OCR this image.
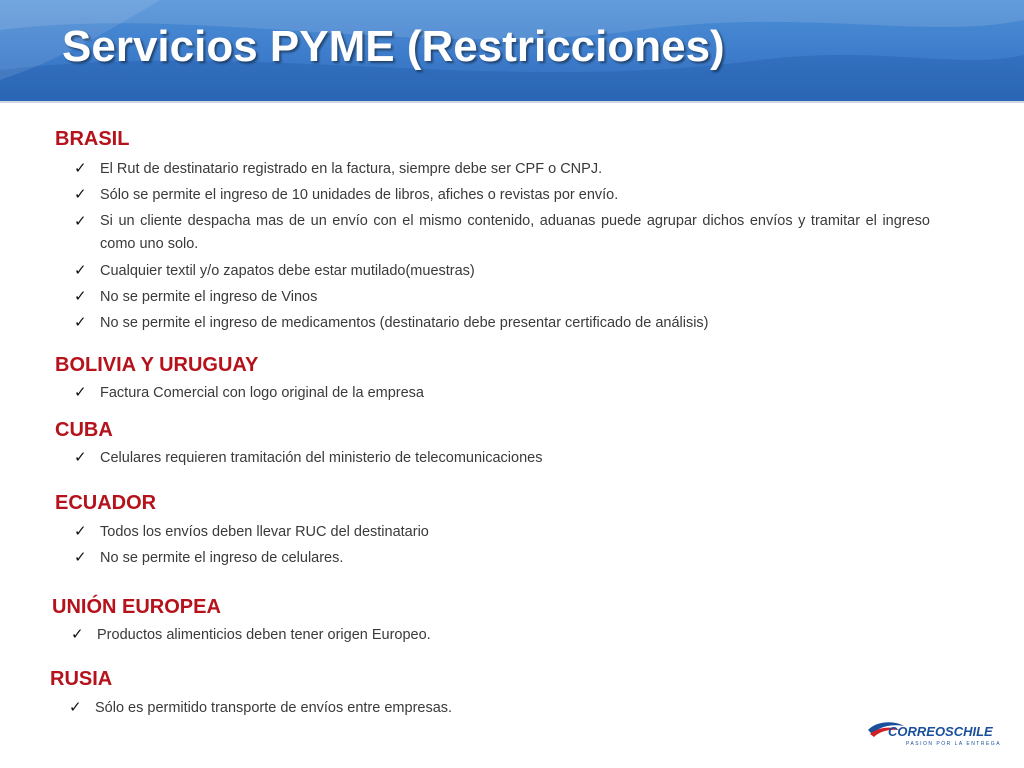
Servicios PYME (Restricciones)
BRASIL
✓ El Rut de destinatario registrado en la factura, siempre debe ser CPF o CNPJ.
✓ Sólo se permite el ingreso de 10 unidades de libros, afiches o revistas por envío.
✓ Si un cliente despacha mas de un envío con el mismo contenido, aduanas puede agrupar dichos envíos y tramitar el ingreso como uno solo.
✓ Cualquier textil y/o zapatos debe estar mutilado(muestras)
✓ No se permite el ingreso de Vinos
✓ No se permite el ingreso de medicamentos (destinatario debe presentar certificado de análisis)
BOLIVIA Y URUGUAY
✓ Factura Comercial con logo original de la empresa
CUBA
✓ Celulares requieren tramitación del ministerio de telecomunicaciones
ECUADOR
✓ Todos los envíos deben llevar RUC del destinatario
✓ No se permite el ingreso de celulares.
UNIÓN EUROPEA
✓ Productos alimenticios deben tener origen Europeo.
RUSIA
✓ Sólo es permitido transporte de envíos entre empresas.
CORREOSCHILE
PASION POR LA ENTREGA
